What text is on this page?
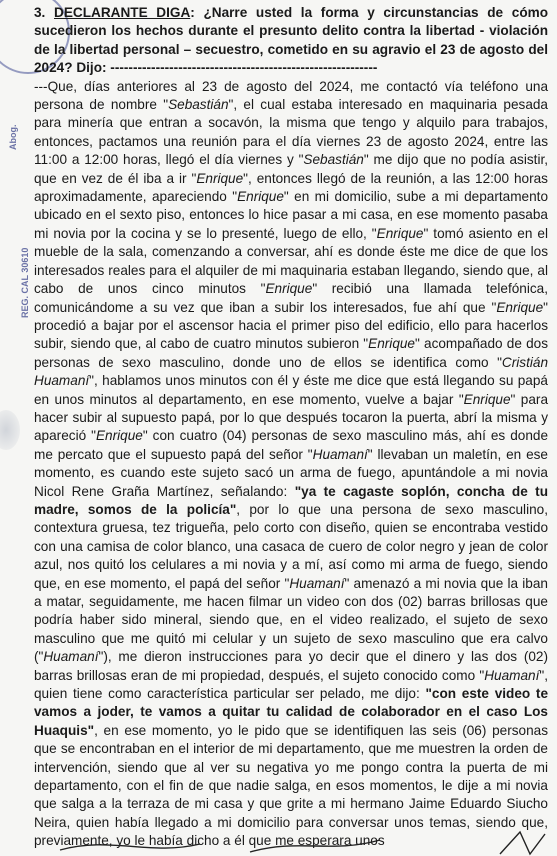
Abog.
REG. CAL 30610

3. DECLARANTE DIGA: ¿Narre usted la forma y circunstancias de cómo sucedieron los hechos durante el presunto delito contra la libertad - violación de la libertad personal – secuestro, cometido en su agravio el 23 de agosto del 2024? Dijo: -----------------------------------------------------------

---Que, días anteriores al 23 de agosto del 2024, me contactó vía teléfono una persona de nombre "Sebastián", el cual estaba interesado en maquinaria pesada para minería que entran a socavón, la misma que tengo y alquilo para trabajos, entonces, pactamos una reunión para el día viernes 23 de agosto 2024, entre las 11:00 a 12:00 horas, llegó el día viernes y "Sebastián" me dijo que no podía asistir, que en vez de él iba a ir "Enrique", entonces llegó de la reunión, a las 12:00 horas aproximadamente, apareciendo "Enrique" en mi domicilio, sube a mi departamento ubicado en el sexto piso, entonces lo hice pasar a mi casa, en ese momento pasaba mi novia por la cocina y se lo presenté, luego de ello, "Enrique" tomó asiento en el mueble de la sala, comenzando a conversar, ahí es donde éste me dice de que los interesados reales para el alquiler de mi maquinaria estaban llegando, siendo que, al cabo de unos cinco minutos "Enrique" recibió una llamada telefónica, comunicándome a su vez que iban a subir los interesados, fue ahí que "Enrique" procedió a bajar por el ascensor hacia el primer piso del edificio, ello para hacerlos subir, siendo que, al cabo de cuatro minutos subieron "Enrique" acompañado de dos personas de sexo masculino, donde uno de ellos se identifica como "Cristián Huamaní", hablamos unos minutos con él y éste me dice que está llegando su papá en unos minutos al departamento, en ese momento, vuelve a bajar "Enrique" para hacer subir al supuesto papá, por lo que después tocaron la puerta, abrí la misma y apareció "Enrique" con cuatro (04) personas de sexo masculino más, ahí es donde me percato que el supuesto papá del señor "Huamaní" llevaban un maletín, en ese momento, es cuando este sujeto sacó un arma de fuego, apuntándole a mi novia Nicol Rene Graña Martínez, señalando: "ya te cagaste soplón, concha de tu madre, somos de la policía", por lo que una persona de sexo masculino, contextura gruesa, tez trigueña, pelo corto con diseño, quien se encontraba vestido con una camisa de color blanco, una casaca de cuero de color negro y jean de color azul, nos quitó los celulares a mi novia y a mí, así como mi arma de fuego, siendo que, en ese momento, el papá del señor "Huamaní" amenazó a mi novia que la iban a matar, seguidamente, me hacen filmar un video con dos (02) barras brillosas que podría haber sido mineral, siendo que, en el video realizado, el sujeto de sexo masculino que me quitó mi celular y un sujeto de sexo masculino que era calvo ("Huamaní"), me dieron instrucciones para yo decir que el dinero y las dos (02) barras brillosas eran de mi propiedad, después, el sujeto conocido como "Huamaní", quien tiene como característica particular ser pelado, me dijo: "con este video te vamos a joder, te vamos a quitar tu calidad de colaborador en el caso Los Huaquis", en ese momento, yo le pido que se identifiquen las seis (06) personas que se encontraban en el interior de mi departamento, que me muestren la orden de intervención, siendo que al ver su negativa yo me pongo contra la puerta de mi departamento, con el fin de que nadie salga, en esos momentos, le dije a mi novia que salga a la terraza de mi casa y que grite a mi hermano Jaime Eduardo Siucho Neira, quien había llegado a mi domicilio para conversar unos temas, siendo que, previamente, yo le había dicho a él que me esperara unos
